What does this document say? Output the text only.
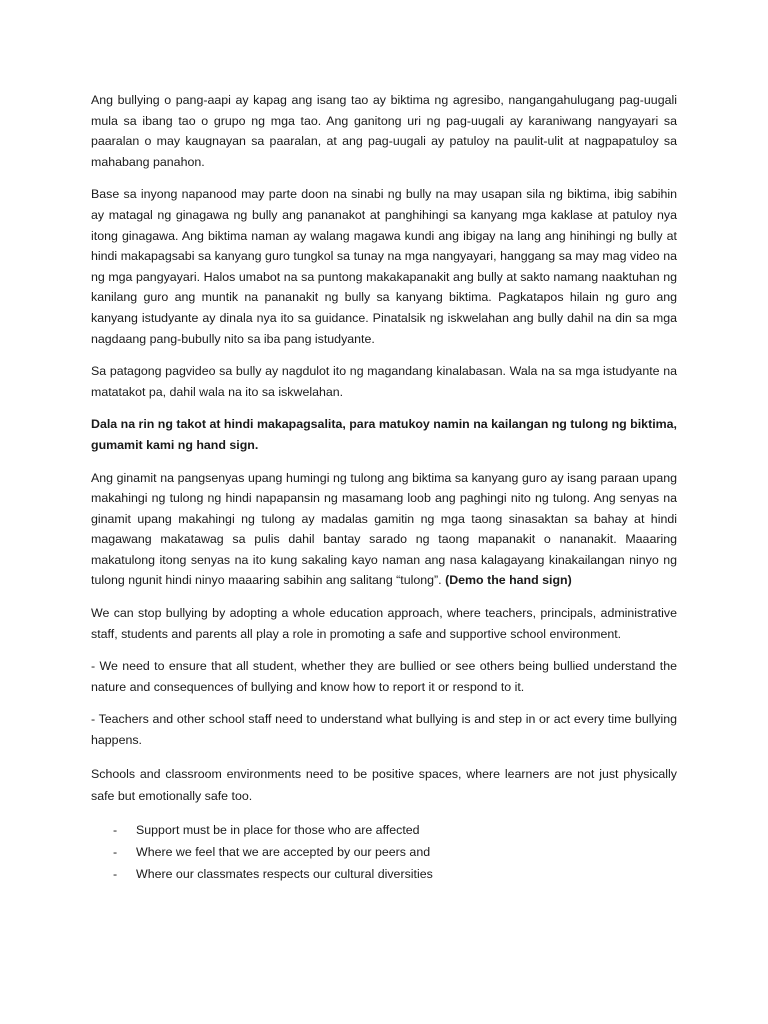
Ang bullying o pang-aapi ay kapag ang isang tao ay biktima ng agresibo, nangangahulugang pag-uugali mula sa ibang tao o grupo ng mga tao. Ang ganitong uri ng pag-uugali ay karaniwang nangyayari sa paaralan o may kaugnayan sa paaralan, at ang pag-uugali ay patuloy na paulit-ulit at nagpapatuloy sa mahabang panahon.

Base sa inyong napanood may parte doon na sinabi ng bully na may usapan sila ng biktima, ibig sabihin ay matagal ng ginagawa ng bully ang pananakot at panghihingi sa kanyang mga kaklase at patuloy nya itong ginagawa. Ang biktima naman ay walang magawa kundi ang ibigay na lang ang hinihingi ng bully at hindi makapagsabi sa kanyang guro tungkol sa tunay na mga nangyayari, hanggang sa may mag video na ng mga pangyayari. Halos umabot na sa puntong makakapanakit ang bully at sakto namang naaktuhan ng kanilang guro ang muntik na pananakit ng bully sa kanyang biktima. Pagkatapos hilain ng guro ang kanyang istudyante ay dinala nya ito sa guidance. Pinatalsik ng iskwelahan ang bully dahil na din sa mga nagdaang pang-bubully nito sa iba pang istudyante.

Sa patagong pagvideo sa bully ay nagdulot ito ng magandang kinalabasan. Wala na sa mga istudyante na matatakot pa, dahil wala na ito sa iskwelahan.

Dala na rin ng takot at hindi makapagsalita, para matukoy namin na kailangan ng tulong ng biktima, gumamit kami ng hand sign.

Ang ginamit na pangsenyas upang humingi ng tulong ang biktima sa kanyang guro ay isang paraan upang makahingi ng tulong ng hindi napapansin ng masamang loob ang paghingi nito ng tulong. Ang senyas na ginamit upang makahingi ng tulong ay madalas gamitin ng mga taong sinasaktan sa bahay at hindi magawang makatawag sa pulis dahil bantay sarado ng taong mapanakit o nananakit. Maaaring makatulong itong senyas na ito kung sakaling kayo naman ang nasa kalagayang kinakailangan ninyo ng tulong ngunit hindi ninyo maaaring sabihin ang salitang “tulong”. (Demo the hand sign)

We can stop bullying by adopting a whole education approach, where teachers, principals, administrative staff, students and parents all play a role in promoting a safe and supportive school environment.

- We need to ensure that all student, whether they are bullied or see others being bullied understand the nature and consequences of bullying and know how to report it or respond to it.

- Teachers and other school staff need to understand what bullying is and step in or act every time bullying happens.

Schools and classroom environments need to be positive spaces, where learners are not just physically safe but emotionally safe too.

- Support must be in place for those who are affected
- Where we feel that we are accepted by our peers and
- Where our classmates respects our cultural diversities
